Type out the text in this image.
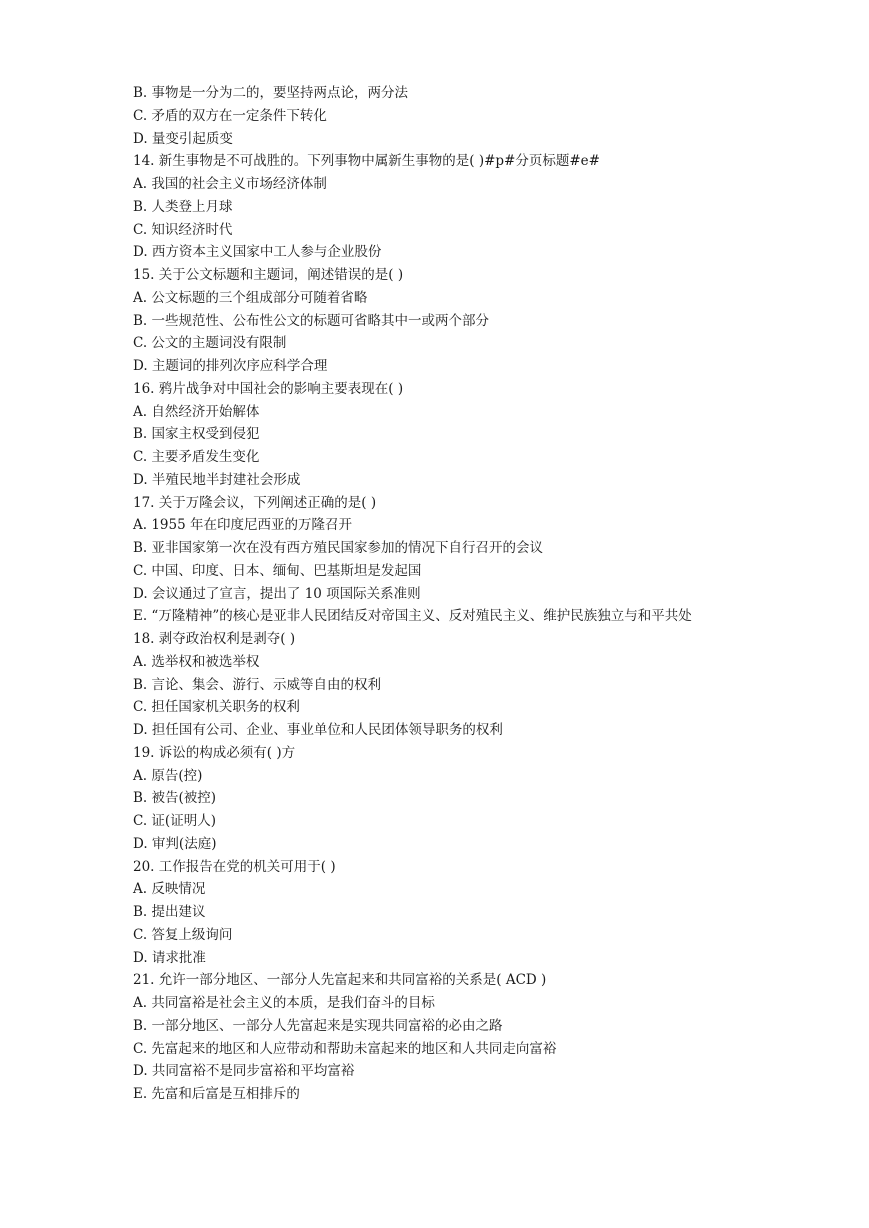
B. 事物是一分为二的，要坚持两点论，两分法

C. 矛盾的双方在一定条件下转化

D. 量变引起质变

14. 新生事物是不可战胜的。下列事物中属新生事物的是( )#p#分页标题#e#

A. 我国的社会主义市场经济体制

B. 人类登上月球

C. 知识经济时代

D. 西方资本主义国家中工人参与企业股份

15. 关于公文标题和主题词，阐述错误的是( )

A. 公文标题的三个组成部分可随着省略

B. 一些规范性、公布性公文的标题可省略其中一或两个部分

C. 公文的主题词没有限制

D. 主题词的排列次序应科学合理

16. 鸦片战争对中国社会的影响主要表现在( )

A. 自然经济开始解体

B. 国家主权受到侵犯

C. 主要矛盾发生变化

D. 半殖民地半封建社会形成

17. 关于万隆会议，下列阐述正确的是( )

A. 1955 年在印度尼西亚的万隆召开

B. 亚非国家第一次在没有西方殖民国家参加的情况下自行召开的会议

C. 中国、印度、日本、缅甸、巴基斯坦是发起国

D. 会议通过了宣言，提出了 10 项国际关系准则

E. “万隆精神”的核心是亚非人民团结反对帝国主义、反对殖民主义、维护民族独立与和平共处

18. 剥夺政治权利是剥夺( )

A. 选举权和被选举权

B. 言论、集会、游行、示威等自由的权利

C. 担任国家机关职务的权利

D. 担任国有公司、企业、事业单位和人民团体领导职务的权利

19. 诉讼的构成必须有( )方

A. 原告(控)

B. 被告(被控)

C. 证(证明人)

D. 审判(法庭)

20. 工作报告在党的机关可用于( )

A. 反映情况

B. 提出建议

C. 答复上级询问

D. 请求批准

21. 允许一部分地区、一部分人先富起来和共同富裕的关系是( ACD )

A. 共同富裕是社会主义的本质，是我们奋斗的目标

B. 一部分地区、一部分人先富起来是实现共同富裕的必由之路

C. 先富起来的地区和人应带动和帮助未富起来的地区和人共同走向富裕

D. 共同富裕不是同步富裕和平均富裕

E. 先富和后富是互相排斥的
